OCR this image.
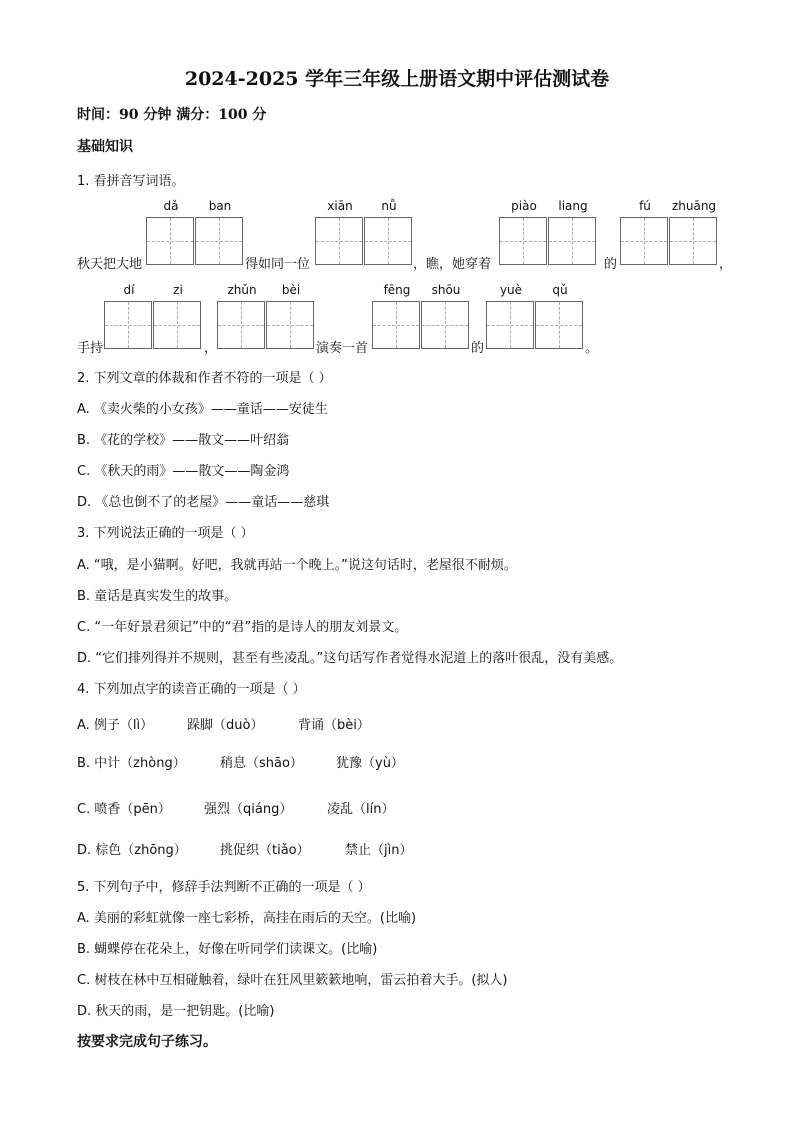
2024-2025 学年三年级上册语文期中评估测试卷
时间：90 分钟 满分：100 分
基础知识
1. 看拼音写词语。
dǎ	ban	xiān	nǚ	piào	liang	fú	zhuāng
秋天把大地	得如同一位	，瞧，她穿着	的	，
dí	zi	zhǔn	bèi	fēng	shōu	yuè	qǔ
手持	，	演奏一首	的	。
2. 下列文章的体裁和作者不符的一项是（ ）
A. 《卖火柴的小女孩》——童话——安徒生
B. 《花的学校》——散文——叶绍翁
C. 《秋天的雨》——散文——陶金鸿
D. 《总也倒不了的老屋》——童话——慈琪
3. 下列说法正确的一项是（ ）
A. “哦，是小猫啊。好吧，我就再站一个晚上。”说这句话时，老屋很不耐烦。
B. 童话是真实发生的故事。
C. “一年好景君须记”中的“君”指的是诗人的朋友刘景文。
D. “它们排列得并不规则，甚至有些凌乱。”这句话写作者觉得水泥道上的落叶很乱，没有美感。
4. 下列加点字的读音正确的一项是（ ）
A. 例子（lì）	跺脚（duò）	背诵（bèi）
B. 中计（zhòng）	稍息（shāo）	犹豫（yù）
C. 喷香（pēn）	强烈（qiáng）	凌乱（lín）
D. 棕色（zhōng）	挑促织（tiǎo）	禁止（jìn）
5. 下列句子中，修辞手法判断不正确的一项是（ ）
A. 美丽的彩虹就像一座七彩桥，高挂在雨后的天空。(比喻)
B. 蝴蝶停在花朵上，好像在听同学们读课文。(比喻)
C. 树枝在林中互相碰触着，绿叶在狂风里簌簌地响，雷云拍着大手。(拟人)
D. 秋天的雨，是一把钥匙。(比喻)
按要求完成句子练习。
